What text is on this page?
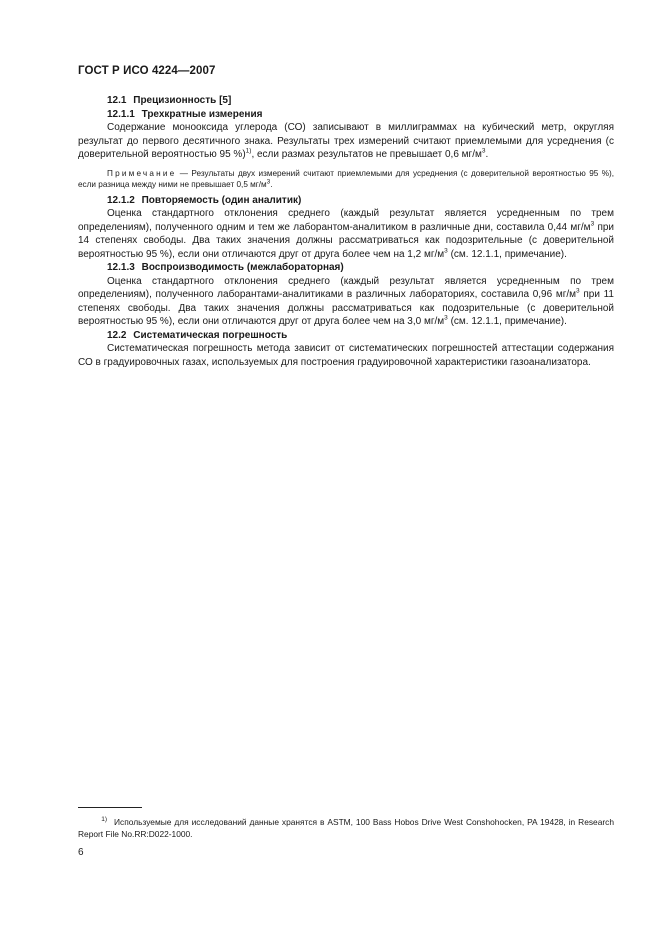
ГОСТ Р ИСО 4224—2007

12.1 Прецизионность [5]

12.1.1 Трехкратные измерения

Содержание монооксида углерода (СО) записывают в миллиграммах на кубический метр, округляя результат до первого десятичного знака. Результаты трех измерений считают приемлемыми для усреднения (с доверительной вероятностью 95 %)$^{1)}$, если размах результатов не превышает 0,6 $мг/м^3$.

Примечание — Результаты двух измерений считают приемлемыми для усреднения (с доверительной вероятностью 95 %), если разница между ними не превышает 0,5 $мг/м^3$.

12.1.2 Повторяемость (один аналитик)

Оценка стандартного отклонения среднего (каждый результат является усредненным по трем определениям), полученного одним и тем же лаборантом-аналитиком в различные дни, составила 0,44 $мг/м^3$ при 14 степенях свободы. Два таких значения должны рассматриваться как подозрительные (с доверительной вероятностью 95 %), если они отличаются друг от друга более чем на 1,2 $мг/м^3$ (см. 12.1.1, примечание).

12.1.3 Воспроизводимость (межлабораторная)

Оценка стандартного отклонения среднего (каждый результат является усредненным по трем определениям), полученного лаборантами-аналитиками в различных лабораториях, составила 0,96 $мг/м^3$ при 11 степенях свободы. Два таких значения должны рассматриваться как подозрительные (с доверительной вероятностью 95 %), если они отличаются друг от друга более чем на 3,0 $мг/м^3$ (см. 12.1.1, примечание).

12.2 Систематическая погрешность

Систематическая погрешность метода зависит от систематических погрешностей аттестации содержания СО в градуировочных газах, используемых для построения градуировочной характеристики газоанализатора.

$^{1)}$ Используемые для исследований данные хранятся в ASTM, 100 Bass Hobos Drive West Conshohocken, PA 19428, in Research Report File No.RR:D022-1000.
6
